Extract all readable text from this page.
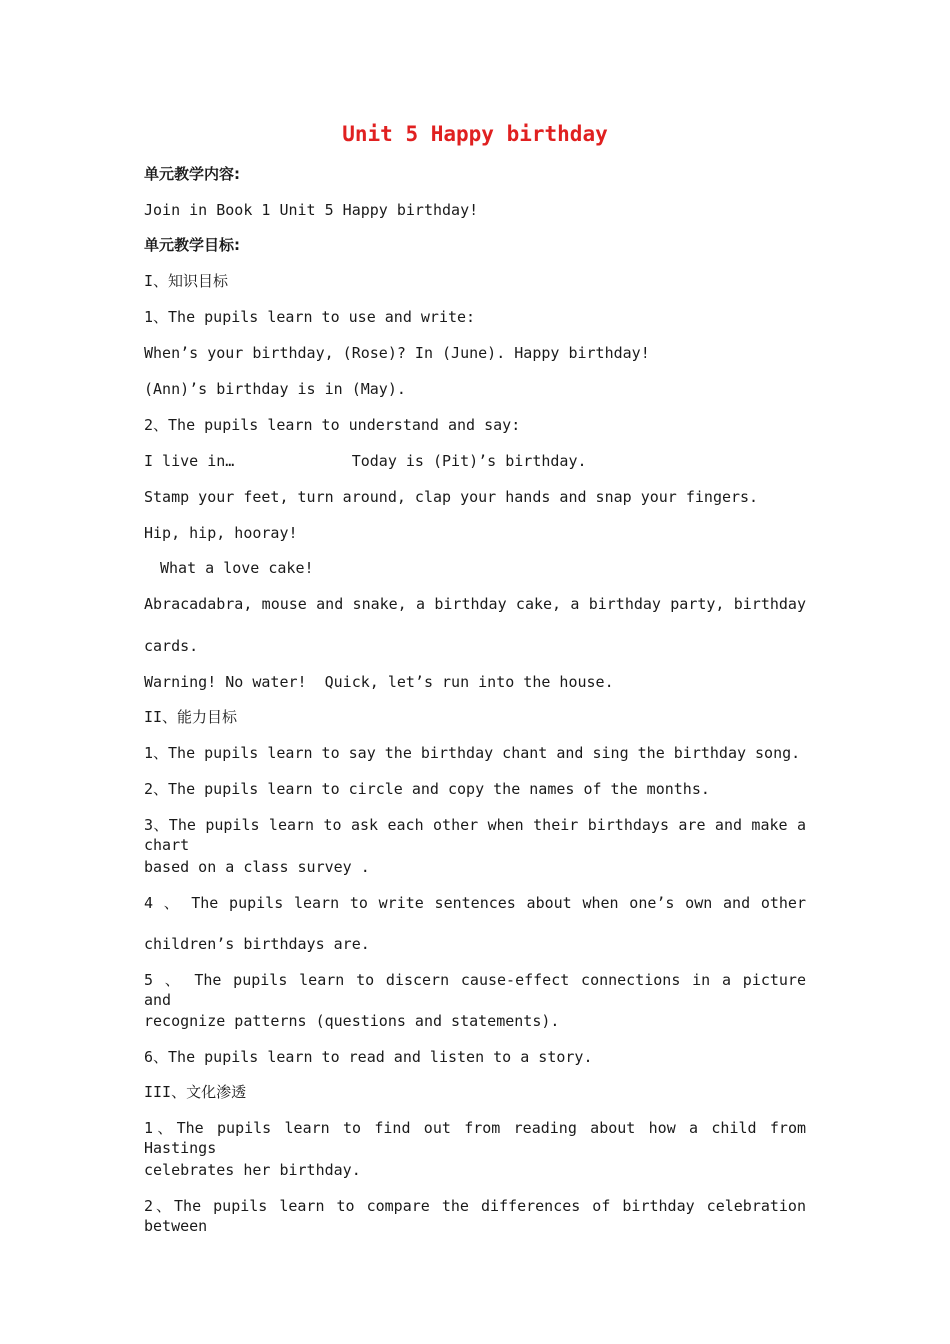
Unit 5 Happy birthday
单元教学内容:
Join in Book 1 Unit 5 Happy birthday!
单元教学目标:
I、知识目标
1、The pupils learn to use and write:
When’s your birthday, (Rose)? In (June). Happy birthday!
(Ann)’s birthday is in (May).
2、The pupils learn to understand and say:
I live in…             Today is (Pit)’s birthday.
Stamp your feet, turn around, clap your hands and snap your fingers.
Hip, hip, hooray!
What a love cake!
Abracadabra, mouse and snake, a birthday cake, a birthday party, birthday
cards.
Warning! No water!  Quick, let’s run into the house.
II、能力目标
1、The pupils learn to say the birthday chant and sing the birthday song.
2、The pupils learn to circle and copy the names of the months.
3、The pupils learn to ask each other when their birthdays are and make a chart
based on a class survey .
4 、 The pupils learn to write sentences about when one’s own and other
children’s birthdays are.
5 、 The pupils learn to discern cause-effect connections in a picture and
recognize patterns (questions and statements).
6、The pupils learn to read and listen to a story.
III、文化渗透
1、The pupils learn to find out from reading about how a child from Hastings
celebrates her birthday.
2、The pupils learn to compare the differences of birthday celebration between
